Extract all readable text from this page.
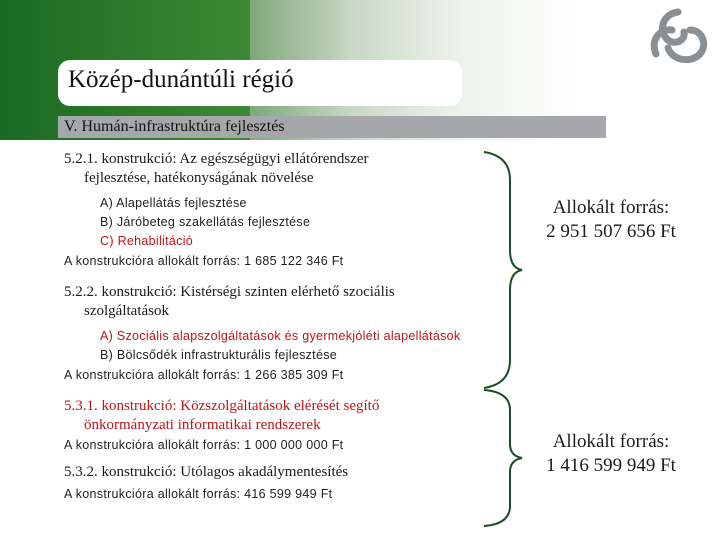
Közép-dunántúli régió
V. Humán-infrastruktúra fejlesztés
5.2.1. konstrukció: Az egészségügyi ellátórendszer
fejlesztése, hatékonyságának növelése
A) Alapellátás fejlesztése
B) Járóbeteg szakellátás fejlesztése
C) Rehabilitáció
A konstrukcióra allokált forrás: 1 685 122 346 Ft
5.2.2. konstrukció: Kistérségi szinten elérhető szociális
szolgáltatások
A) Szociális alapszolgáltatások és gyermekjóléti alapellátások
B) Bölcsődék infrastrukturális fejlesztése
A konstrukcióra allokált forrás: 1 266 385 309 Ft
5.3.1. konstrukció: Közszolgáltatások elérését segítő
önkormányzati informatikai rendszerek
A konstrukcióra allokált forrás: 1 000 000 000 Ft
5.3.2. konstrukció: Utólagos akadálymentesítés
A konstrukcióra allokált forrás: 416 599 949 Ft
Allokált forrás:
2 951 507 656 Ft
Allokált forrás:
1 416 599 949 Ft
